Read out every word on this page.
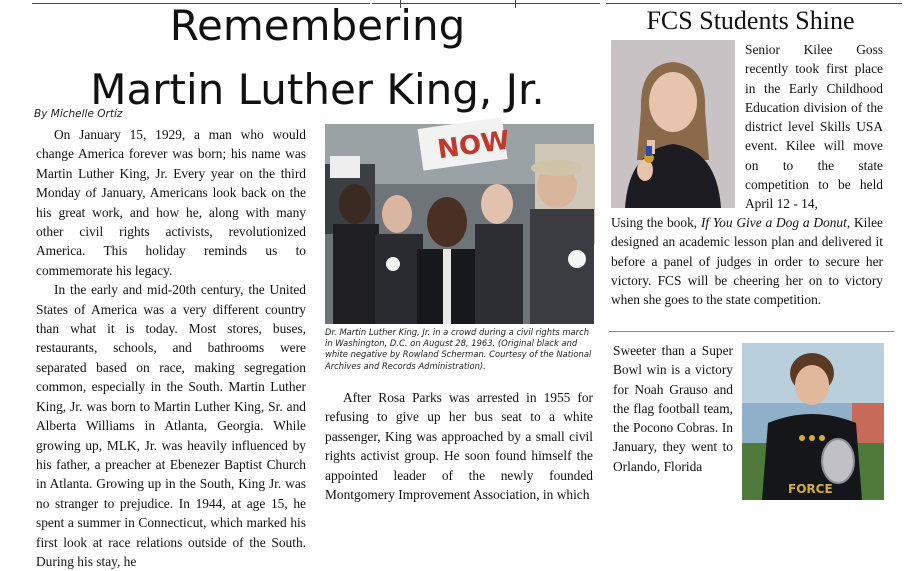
Remembering
Martin Luther King, Jr.
By Michelle Ortiz

On January 15, 1929, a man who would change America forever was born; his name was Martin Luther King, Jr. Every year on the third Monday of January, Americans look back on the his great work, and how he, along with many other civil rights activists, revolutionized America. This holiday reminds us to commemorate his legacy.

In the early and mid-20th century, the United States of America was a very different country than what it is today. Most stores, buses, restaurants, schools, and bathrooms were separated based on race, making segregation common, especially in the South. Martin Luther King, Jr. was born to Martin Luther King, Sr. and Alberta Williams in Atlanta, Georgia. While growing up, MLK, Jr. was heavily influenced by his father, a preacher at Ebenezer Baptist Church in Atlanta. Growing up in the South, King Jr. was no stranger to prejudice. In 1944, at age 15, he spent a summer in Connecticut, which marked his first look at race relations outside of the South. During his stay, he

NOW
Dr. Martin Luther King, Jr. in a crowd during a civil rights march in Washington, D.C. on August 28, 1963. (Original black and white negative by Rowland Scherman. Courtesy of the National Archives and Records Administration).

After Rosa Parks was arrested in 1955 for refusing to give up her bus seat to a white passenger, King was approached by a small civil rights activist group. He soon found himself the appointed leader of the newly founded Montgomery Improvement Association, in which

FCS Students Shine

Senior Kilee Goss recently took first place in the Early Childhood Education division of the district level Skills USA event. Kilee will move on to the state competition to be held April 12 - 14,

Using the book, If You Give a Dog a Donut, Kilee designed an academic lesson plan and delivered it before a panel of judges in order to secure her victory. FCS will be cheering her on to victory when she goes to the state competition.

Sweeter than a Super Bowl win is a victory for Noah Grauso and the flag football team, the Pocono Cobras. In January, they went to Orlando, Florida

FORCE
